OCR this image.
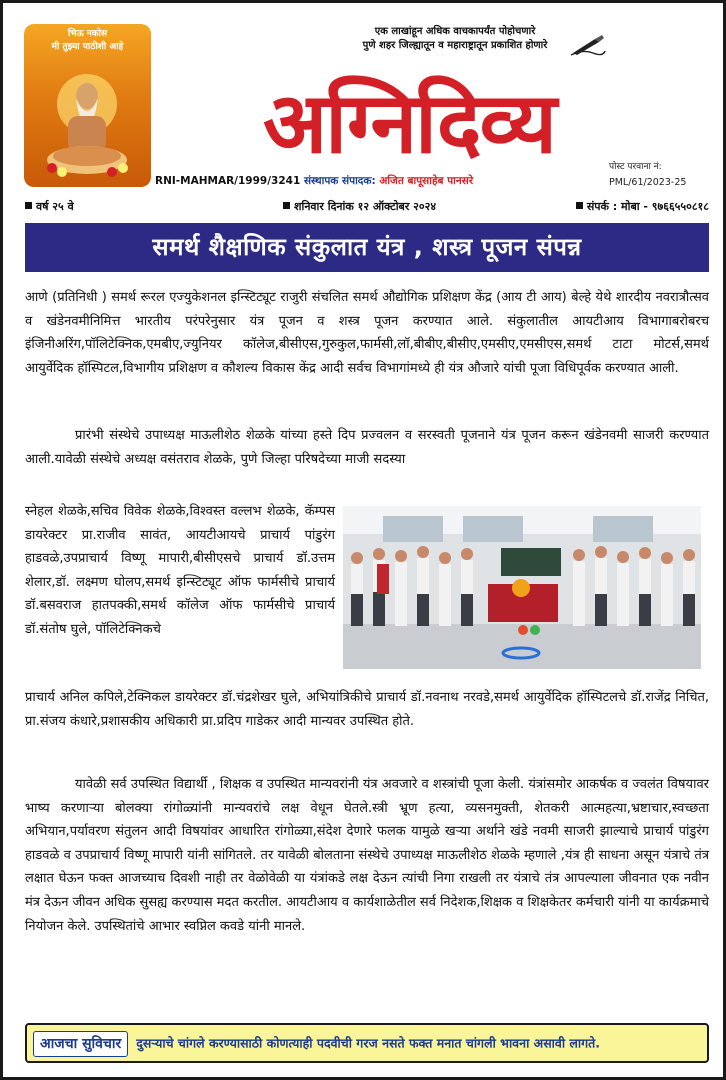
भिऊ नकोस
मी तुझ्या पाठीशी आहे
एक लाखांहून अधिक वाचकापर्यंत पोहोचणारे
पुणे शहर जिल्ह्यातून व महाराष्ट्रातून प्रकाशित होणारे
अग्निदिव्य
RNI-MAHMAR/1999/3241 संस्थापक संपादक: अजित बापूसाहेब पानसरे
पोस्ट परवाना नं:
PML/61/2023-25
वर्ष २५ वे	शनिवार दिनांक १२ ऑक्टोबर २०२४	संपर्क : मोबा - ९७६६५५०८१८
समर्थ शैक्षणिक संकुलात यंत्र , शस्त्र पूजन संपन्न
आणे (प्रतिनिधी ) समर्थ रूरल एज्युकेशनल इन्स्टिट्यूट राजुरी संचलित समर्थ औद्योगिक प्रशिक्षण केंद्र (आय टी आय) बेल्हे येथे शारदीय नवरात्रौत्सव व खंडेनवमीनिमित्त भारतीय परंपरेनुसार यंत्र पूजन व शस्त्र पूजन करण्यात आले. संकुलातील आयटीआय विभागाबरोबरच इंजिनीअरिंग,पॉलिटेक्निक,एमबीए,ज्युनियर कॉलेज,बीसीएस,गुरुकुल,फार्मसी,लॉ,बीबीए,बीसीए,एमसीए,एमसीएस,समर्थ टाटा मोटर्स,समर्थ आयुर्वेदिक हॉस्पिटल,विभागीय प्रशिक्षण व कौशल्य विकास केंद्र आदी सर्वच विभागांमध्ये ही यंत्र औजारे यांची पूजा विधिपूर्वक करण्यात आली.
प्रारंभी संस्थेचे उपाध्यक्ष माऊलीशेठ शेळके यांच्या हस्ते दिप प्रज्वलन व सरस्वती पूजनाने यंत्र पूजन करून खंडेनवमी साजरी करण्यात आली.यावेळी संस्थेचे अध्यक्ष वसंतराव शेळके, पुणे जिल्हा परिषदेच्या माजी सदस्या
स्नेहल शेळके,सचिव विवेक शेळके,विश्वस्त वल्लभ शेळके, कॅम्पस डायरेक्टर प्रा.राजीव सावंत, आयटीआयचे प्राचार्य पांडुरंग हाडवळे,उपप्राचार्य विष्णू मापारी,बीसीएसचे प्राचार्य डॉ.उत्तम शेलार,डॉ. लक्ष्मण घोलप,समर्थ इन्स्टिट्यूट ऑफ फार्मसीचे प्राचार्य डॉ.बसवराज हातपक्की,समर्थ कॉलेज ऑफ फार्मसीचे प्राचार्य डॉ.संतोष घुले, पॉलिटेक्निकचे
प्राचार्य अनिल कपिले,टेक्निकल डायरेक्टर डॉ.चंद्रशेखर घुले, अभियांत्रिकीचे प्राचार्य डॉ.नवनाथ नरवडे,समर्थ आयुर्वेदिक हॉस्पिटलचे डॉ.राजेंद्र निचित, प्रा.संजय कंधारे,प्रशासकीय अधिकारी प्रा.प्रदिप गाडेकर आदी मान्यवर उपस्थित होते.
यावेळी सर्व उपस्थित विद्यार्थी , शिक्षक व उपस्थित मान्यवरांनी यंत्र अवजारे व शस्त्रांची पूजा केली. यंत्रांसमोर आकर्षक व ज्वलंत विषयावर भाष्य करणाऱ्या बोलक्या रांगोळ्यांनी मान्यवरांचे लक्ष वेधून घेतले.स्त्री भ्रूण हत्या, व्यसनमुक्ती, शेतकरी आत्महत्या,भ्रष्टाचार,स्वच्छता अभियान,पर्यावरण संतुलन आदी विषयांवर आधारित रांगोळ्या,संदेश देणारे फलक यामुळे खऱ्या अर्थाने खंडे नवमी साजरी झाल्याचे प्राचार्य पांडुरंग हाडवळे व उपप्राचार्य विष्णू मापारी यांनी सांगितले. तर यावेळी बोलताना संस्थेचे उपाध्यक्ष माऊलीशेठ शेळके म्हणाले ,यंत्र ही साधना असून यंत्राचे तंत्र लक्षात घेऊन फक्त आजच्याच दिवशी नाही तर वेळोवेळी या यंत्रांकडे लक्ष देऊन त्यांची निगा राखली तर यंत्राचे तंत्र आपल्याला जीवनात एक नवीन मंत्र देऊन जीवन अधिक सुसह्य करण्यास मदत करतील. आयटीआय व कार्यशाळेतील सर्व निदेशक,शिक्षक व शिक्षकेतर कर्मचारी यांनी या कार्यक्रमाचे नियोजन केले. उपस्थितांचे आभार स्वप्निल कवडे यांनी मानले.
आजचा सुविचार दुसऱ्याचे चांगले करण्यासाठी कोणत्याही पदवीची गरज नसते फक्त मनात चांगली भावना असावी लागते.
